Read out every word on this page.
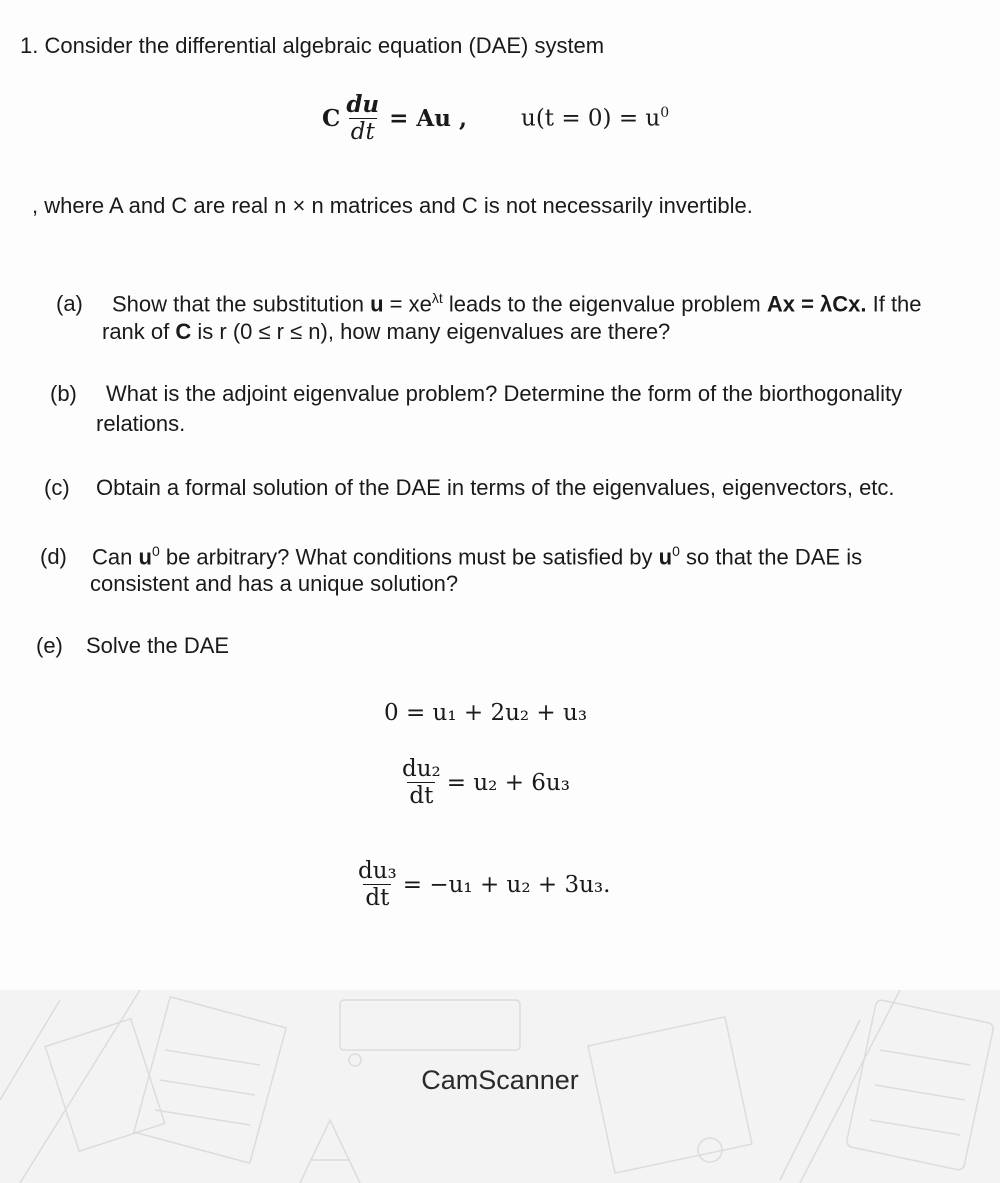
1. Consider the differential algebraic equation (DAE) system
C $\frac{du}{dt} = Au$ , $u(t = 0) = u^0$
, where A and C are real n × n matrices and C is not necessarily invertible.
(a) Show that the substitution $u = xe^{\lambda t}$ leads to the eigenvalue problem Ax = λCx. If the
rank of C is r (0 ≤ r ≤ n), how many eigenvalues are there?
(b) What is the adjoint eigenvalue problem? Determine the form of the biorthogonality
relations.
(c) Obtain a formal solution of the DAE in terms of the eigenvalues, eigenvectors, etc.
(d) Can $u^0$ be arbitrary? What conditions must be satisfied by $u^0$ so that the DAE is
consistent and has a unique solution?
(e) Solve the DAE
0 = u₁ + 2u₂ + u₃
$\frac{\text{du₂}}{dt} = u_2 + 6u_3$
$\frac{\text{du₃}}{dt} = -u_1 + u_2 + 3u_3$.
CamScanner
